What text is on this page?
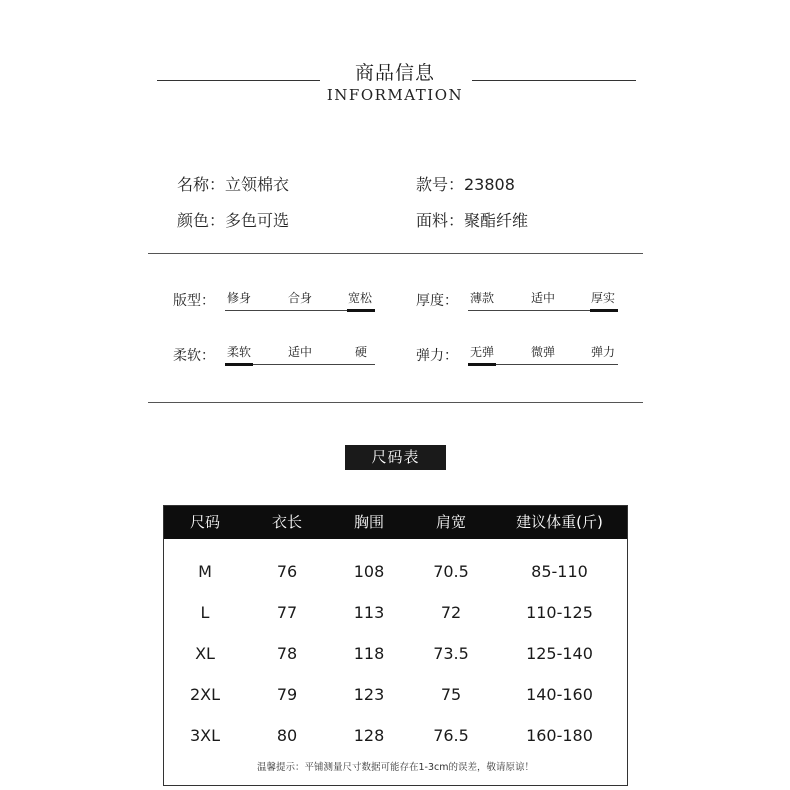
商品信息
INFORMATION
名称：立领棉衣	款号：23808
颜色：多色可选	面料：聚酯纤维
版型： 修身	合身	宽松	厚度： 薄款	适中	厚实
柔软： 柔软	适中	硬	弹力： 无弹	微弹	弹力
尺码表
尺码	衣长	胸围	肩宽	建议体重(斤)
M	76	108	70.5	85-110
L	77	113	72	110-125
XL	78	118	73.5	125-140
2XL	79	123	75	140-160
3XL	80	128	76.5	160-180
温馨提示：平铺测量尺寸数据可能存在1-3cm的误差，敬请原谅！
